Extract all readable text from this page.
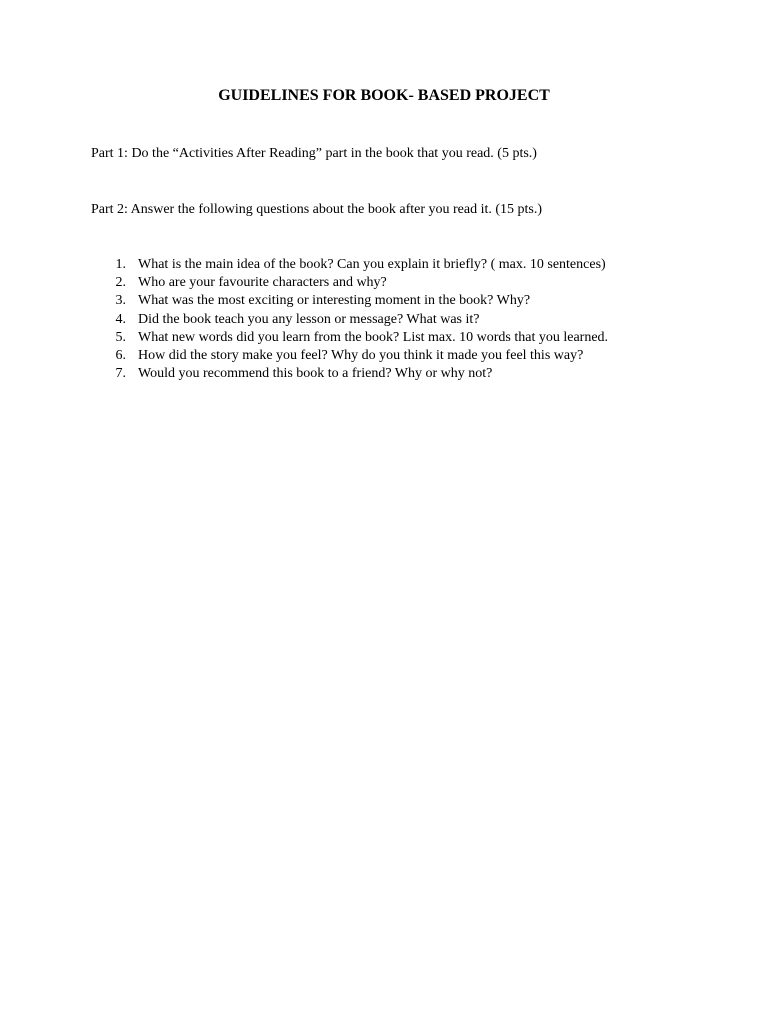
GUIDELINES FOR BOOK- BASED PROJECT
Part 1: Do the “Activities After Reading” part in the book that you read. (5 pts.)
Part 2: Answer the following questions about the book after you read it. (15 pts.)
1. What is the main idea of the book? Can you explain it briefly? ( max. 10 sentences)
2. Who are your favourite characters and why?
3. What was the most exciting or interesting moment in the book? Why?
4. Did the book teach you any lesson or message? What was it?
5. What new words did you learn from the book? List max. 10 words that you learned.
6. How did the story make you feel? Why do you think it made you feel this way?
7. Would you recommend this book to a friend? Why or why not?
